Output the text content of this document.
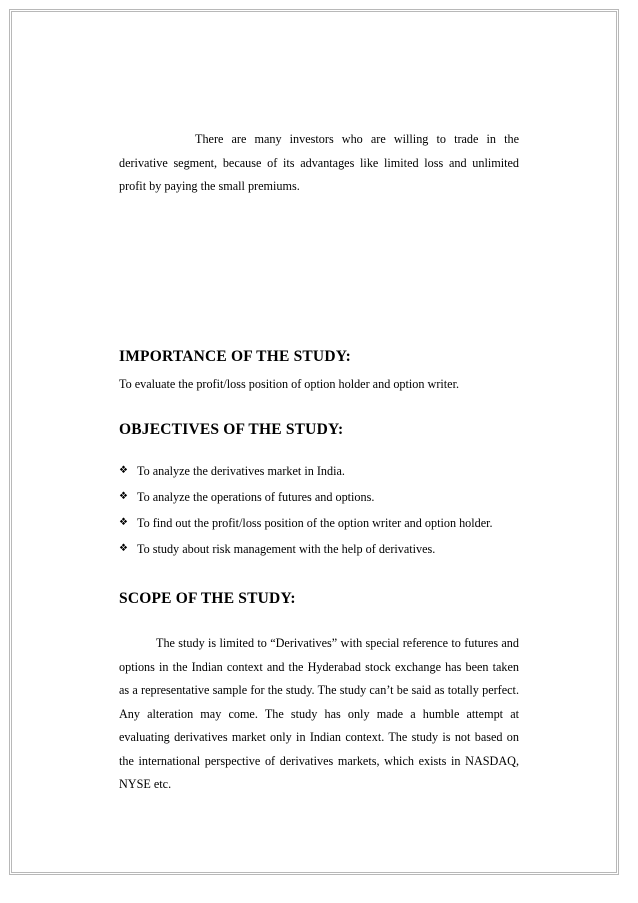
There are many investors who are willing to trade in the derivative segment, because of its advantages like limited loss and unlimited profit by paying the small premiums.

IMPORTANCE OF THE STUDY:

To evaluate the profit/loss position of option holder and option writer.

OBJECTIVES OF THE STUDY:
❖ To analyze the derivatives market in India.
❖ To analyze the operations of futures and options.
❖ To find out the profit/loss position of the option writer and option holder.
❖ To study about risk management with the help of derivatives.
SCOPE OF THE STUDY:

The study is limited to “Derivatives” with special reference to futures and options in the Indian context and the Hyderabad stock exchange has been taken as a representative sample for the study. The study can’t be said as totally perfect. Any alteration may come. The study has only made a humble attempt at evaluating derivatives market only in Indian context. The study is not based on the international perspective of derivatives markets, which exists in NASDAQ, NYSE etc.
